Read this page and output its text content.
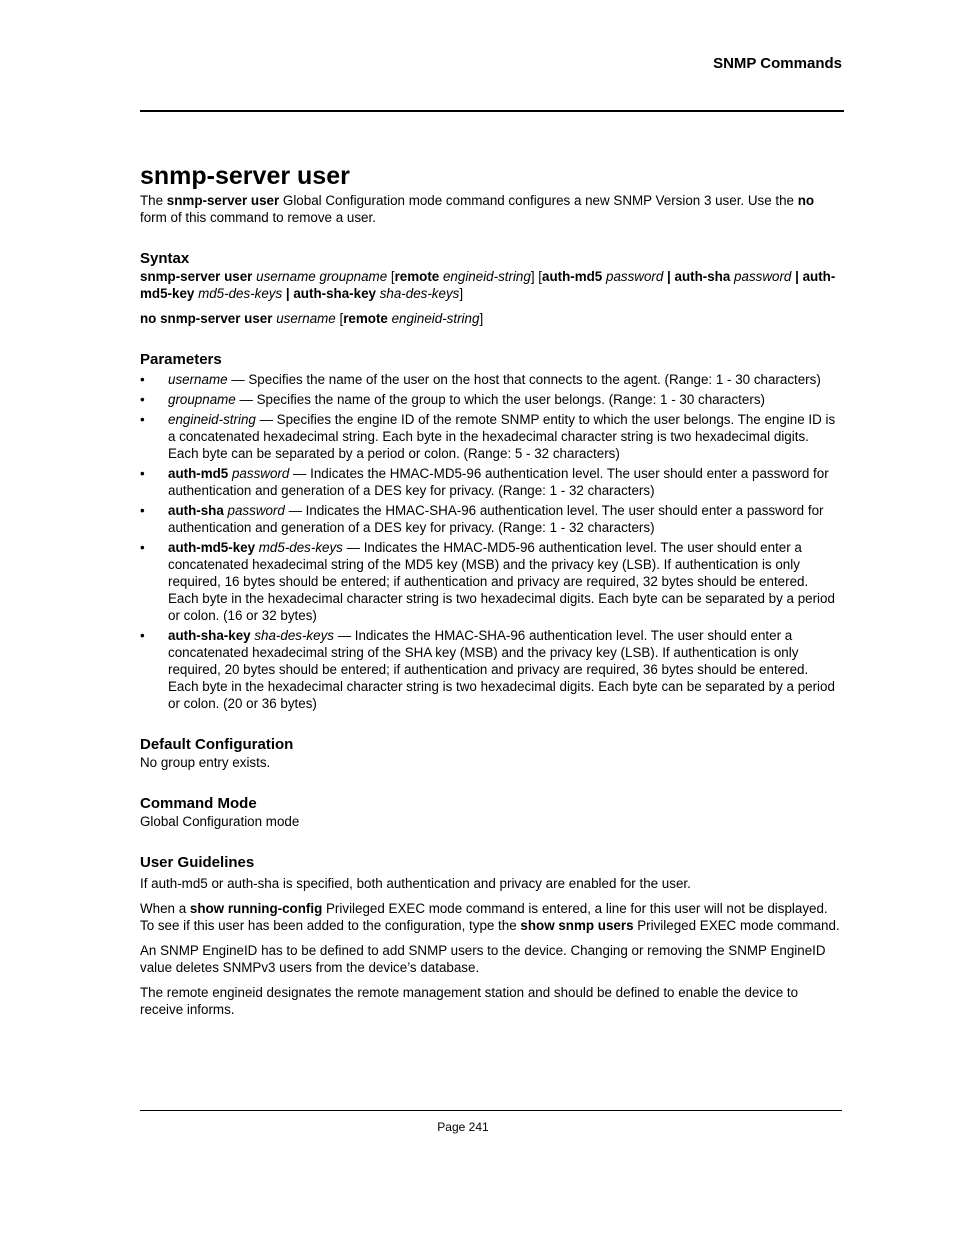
SNMP Commands
snmp-server user

The snmp-server user Global Configuration mode command configures a new SNMP Version 3 user. Use the no form of this command to remove a user.

Syntax

snmp-server user username groupname [remote engineid-string] [auth-md5 password | auth-sha password | auth-md5-key md5-des-keys | auth-sha-key sha-des-keys]

no snmp-server user username [remote engineid-string]

Parameters
• username — Specifies the name of the user on the host that connects to the agent. (Range: 1 - 30 characters)
• groupname — Specifies the name of the group to which the user belongs. (Range: 1 - 30 characters)
• engineid-string — Specifies the engine ID of the remote SNMP entity to which the user belongs. The engine ID is a concatenated hexadecimal string. Each byte in the hexadecimal character string is two hexadecimal digits. Each byte can be separated by a period or colon. (Range: 5 - 32 characters)
• auth-md5 password — Indicates the HMAC-MD5-96 authentication level. The user should enter a password for authentication and generation of a DES key for privacy. (Range: 1 - 32 characters)
• auth-sha password — Indicates the HMAC-SHA-96 authentication level. The user should enter a password for authentication and generation of a DES key for privacy. (Range: 1 - 32 characters)
• auth-md5-key md5-des-keys — Indicates the HMAC-MD5-96 authentication level. The user should enter a concatenated hexadecimal string of the MD5 key (MSB) and the privacy key (LSB). If authentication is only required, 16 bytes should be entered; if authentication and privacy are required, 32 bytes should be entered. Each byte in the hexadecimal character string is two hexadecimal digits. Each byte can be separated by a period or colon. (16 or 32 bytes)
• auth-sha-key sha-des-keys — Indicates the HMAC-SHA-96 authentication level. The user should enter a concatenated hexadecimal string of the SHA key (MSB) and the privacy key (LSB). If authentication is only required, 20 bytes should be entered; if authentication and privacy are required, 36 bytes should be entered. Each byte in the hexadecimal character string is two hexadecimal digits. Each byte can be separated by a period or colon. (20 or 36 bytes)
Default Configuration

No group entry exists.

Command Mode

Global Configuration mode

User Guidelines

If auth-md5 or auth-sha is specified, both authentication and privacy are enabled for the user.

When a show running-config Privileged EXEC mode command is entered, a line for this user will not be displayed. To see if this user has been added to the configuration, type the show snmp users Privileged EXEC mode command.

An SNMP EngineID has to be defined to add SNMP users to the device. Changing or removing the SNMP EngineID value deletes SNMPv3 users from the device’s database.

The remote engineid designates the remote management station and should be defined to enable the device to receive informs.

Page 241
